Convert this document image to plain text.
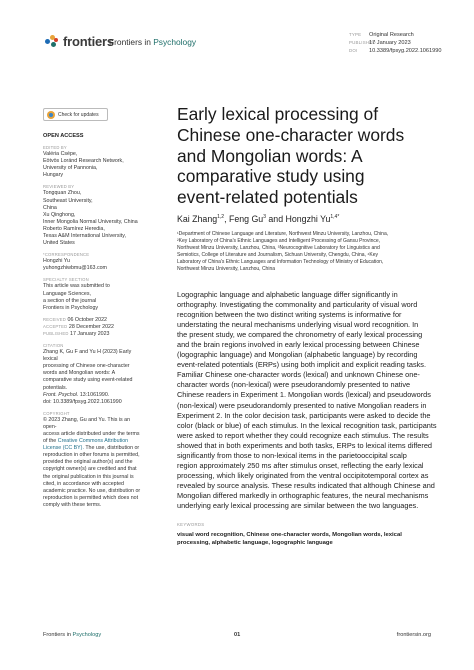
frontiers
Frontiers in Psychology
TYPE Original Research
PUBLISHED17 January 2023
DOI 10.3389/fpsyg.2022.1061990
Check for updates
OPEN ACCESS
EDITED BY
Valéria Csépe,
Eötvös Loránd Research Network,
University of Pannonia,
Hungary
REVIEWED BY
Tongquan Zhou,
Southeast University,
China
Xu Qinghong,
Inner Mongolia Normal University, China
Roberto Ramírez Heredia,
Texas A&M International University,
United States
*CORRESPONDENCE
Hongzhi Yu
yuhongzhiwbmu@163.com
SPECIALTY SECTION
This article was submitted to
Language Sciences,
a section of the journal
Frontiers in Psychology
RECEIVED 06 October 2022
ACCEPTED 28 December 2022
PUBLISHED 17 January 2023
CITATION
Zhang K, Gu F and Yu H (2023) Early lexical
processing of Chinese one-character
words and Mongolian words: A
comparative study using event-related
potentials.
Front. Psychol. 13:1061990.
doi: 10.3389/fpsyg.2022.1061990
COPYRIGHT
© 2023 Zhang, Gu and Yu. This is an open-
access article distributed under the terms
of the Creative Commons Attribution
License (CC BY). The use, distribution or
reproduction in other forums is permitted,
provided the original author(s) and the
copyright owner(s) are credited and that
the original publication in this journal is
cited, in accordance with accepted
academic practice. No use, distribution or
reproduction is permitted which does not
comply with these terms.
Early lexical processing of
Chinese one-character words
and Mongolian words: A
comparative study using
event-related potentials
Kai Zhang$^{1,2}$, Feng Gu$^3$ and Hongzhi $Yu^{1,4*}$
¹Department of Chinese Language and Literature, Northwest Minzu University, Lanzhou, China,
²Key Laboratory of China's Ethnic Languages and Intelligent Processing of Gansu Province,
Northwest Minzu University, Lanzhou, China, ³Neurocognitive Laboratory for Linguistics and
Semiotics, College of Literature and Journalism, Sichuan University, Chengdu, China, ⁴Key
Laboratory of China's Ethnic Languages and Information Technology of Ministry of Education,
Northwest Minzu University, Lanzhou, China
Logographic language and alphabetic language differ significantly in
orthography. Investigating the commonality and particularity of visual word
recognition between the two distinct writing systems is informative for
understating the neural mechanisms underlying visual word recognition. In
the present study, we compared the chronometry of early lexical processing
and the brain regions involved in early lexical processing between Chinese
(logographic language) and Mongolian (alphabetic language) by recording
event-related potentials (ERPs) using both implicit and explicit reading tasks.
Familiar Chinese one-character words (lexical) and unknown Chinese one-
character words (non-lexical) were pseudorandomly presented to native
Chinese readers in Experiment 1. Mongolian words (lexical) and pseudowords
(non-lexical) were pseudorandomly presented to native Mongolian readers in
Experiment 2. In the color decision task, participants were asked to decide the
color (black or blue) of each stimulus. In the lexical recognition task, participants
were asked to report whether they could recognize each stimulus. The results
showed that in both experiments and both tasks, ERPs to lexical items differed
significantly from those to non-lexical items in the parietooccipital scalp
region approximately 250 ms after stimulus onset, reflecting the early lexical
processing, which likely originated from the ventral occipitotemporal cortex as
revealed by source analysis. These results indicated that although Chinese and
Mongolian differed markedly in orthographic features, the neural mechanisms
underlying early lexical processing are similar between the two languages.
KEYWORDS
visual word recognition, Chinese one-character words, Mongolian words, lexical
processing, alphabetic language, logographic language
Frontiers in Psychology	01	frontiersin.org
